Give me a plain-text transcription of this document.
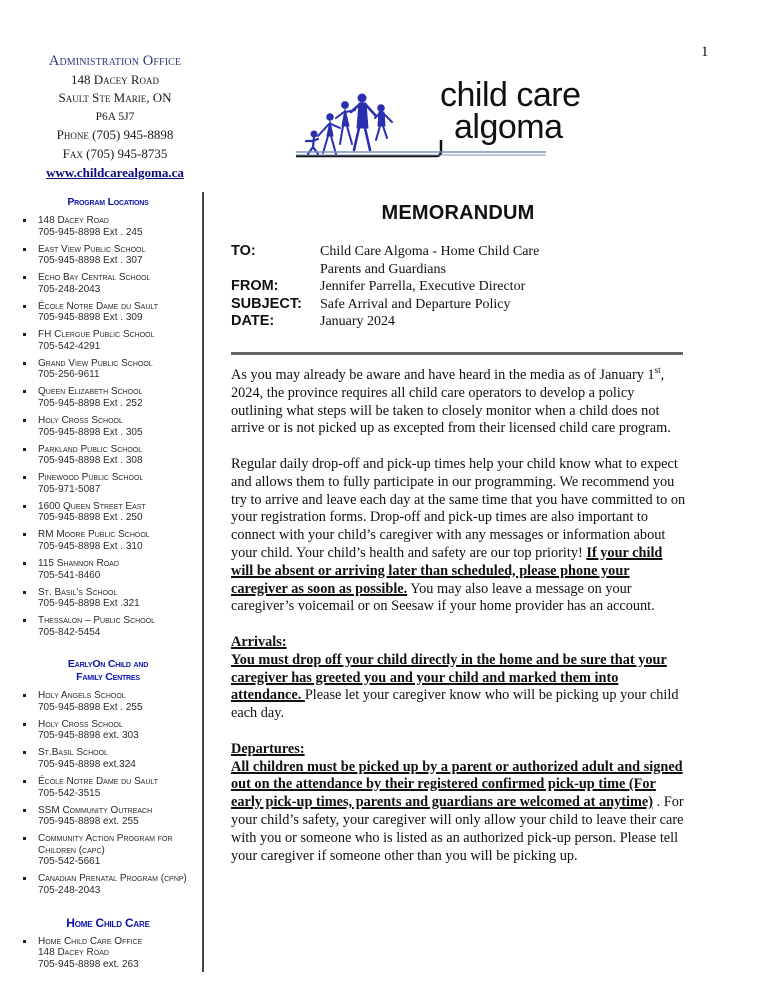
1
Administration Office
148 Dacey Road
Sault Ste Marie, ON
P6A 5J7
Phone (705) 945-8898
Fax (705) 945-8735
www.childcarealgoma.ca
Program Locations
148 Dacey Road
705-945-8898 Ext . 245
East View Public School
705-945-8898 Ext . 307
Echo Bay Central School
705-248-2043
École Notre Dame du Sault
705-945-8898 Ext . 309
FH Clergue Public School
705-542-4291
Grand View Public School
705-256-9611
Queen Elizabeth School
705-945-8898 Ext . 252
Holy Cross School
705-945-8898 Ext . 305
Parkland Public School
705-945-8898 Ext . 308
Pinewood Public School
705-971-5087
1600 Queen Street East
705-945-8898 Ext . 250
RM Moore Public School
705-945-8898 Ext . 310
115 Shannon Road
705-541-8460
St. Basil's School
705-945-8898 Ext .321
Thessalon – Public School
705-842-5454
EarlyOn Child and
Family Centres
Holy Angels School
705-945-8898 Ext . 255
Holy Cross School
705-945-8898 ext. 303
St.Basil School
705-945-8898 ext.324
École Notre Dame du Sault
705-542-3515
SSM Community Outreach
705-945-8898 ext. 255
Community Action Program for Children (capc)
705-542-5661
Canadian Prenatal Program (cpnp)
705-248-2043
Home Child Care
Home Child Care Office
148 Dacey Road
705-945-8898 ext. 263
child care
algoma
MEMORANDUM
TO:	Child Care Algoma - Home Child Care
Parents and Guardians
FROM:	Jennifer Parrella, Executive Director
SUBJECT:	Safe Arrival and Departure Policy
DATE:	January 2024

As you may already be aware and have heard in the media as of January 1st, 2024, the province requires all child care operators to develop a policy outlining what steps will be taken to closely monitor when a child does not arrive or is not picked up as excepted from their licensed child care program.

Regular daily drop-off and pick-up times help your child know what to expect and allows them to fully participate in our programming. We recommend you try to arrive and leave each day at the same time that you have committed to on your registration forms. Drop-off and pick-up times are also important to connect with your child’s caregiver with any messages or information about your child. Your child’s health and safety are our top priority! If your child will be absent or arriving later than scheduled, please phone your caregiver as soon as possible. You may also leave a message on your caregiver’s voicemail or on Seesaw if your home provider has an account.

Arrivals:
You must drop off your child directly in the home and be sure that your caregiver has greeted you and your child and marked them into attendance. Please let your caregiver know who will be picking up your child each day.

Departures:
All children must be picked up by a parent or authorized adult and signed out on the attendance by their registered confirmed pick-up time (For early pick-up times, parents and guardians are welcomed at anytime) . For your child’s safety, your caregiver will only allow your child to leave their care with you or someone who is listed as an authorized pick-up person. Please tell your caregiver if someone other than you will be picking up.
